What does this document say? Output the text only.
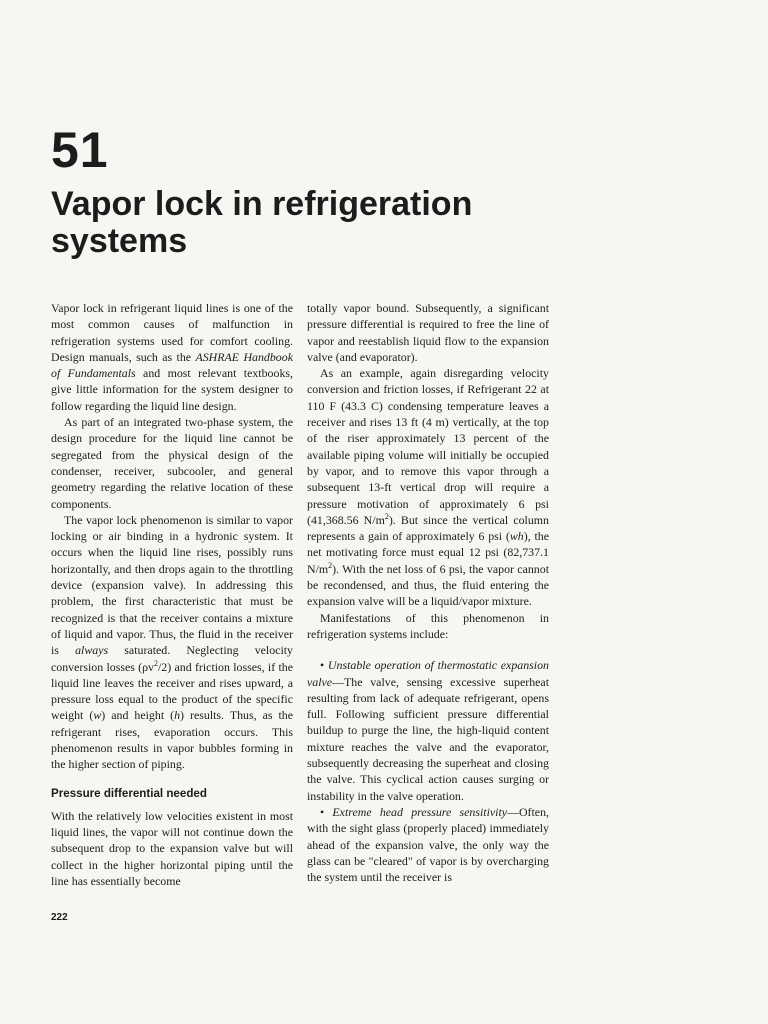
51
Vapor lock in refrigeration systems

Vapor lock in refrigerant liquid lines is one of the most common causes of malfunction in refrigeration systems used for comfort cooling. Design manuals, such as the ASHRAE Handbook of Fundamentals and most relevant textbooks, give little information for the system designer to follow regarding the liquid line design.

As part of an integrated two-phase system, the design procedure for the liquid line cannot be segregated from the physical design of the condenser, receiver, subcooler, and general geometry regarding the relative location of these components.

The vapor lock phenomenon is similar to vapor locking or air binding in a hydronic system. It occurs when the liquid line rises, possibly runs horizontally, and then drops again to the throttling device (expansion valve). In addressing this problem, the first characteristic that must be recognized is that the receiver contains a mixture of liquid and vapor. Thus, the fluid in the receiver is always saturated. Neglecting velocity conversion losses $(\rho v^2/2)$ and friction losses, if the liquid line leaves the receiver and rises upward, a pressure loss equal to the product of the specific weight (w) and height (h) results. Thus, as the refrigerant rises, evaporation occurs. This phenomenon results in vapor bubbles forming in the higher section of piping.

Pressure differential needed

With the relatively low velocities existent in most liquid lines, the vapor will not continue down the subsequent drop to the expansion valve but will collect in the higher horizontal piping until the line has essentially become

totally vapor bound. Subsequently, a significant pressure differential is required to free the line of vapor and reestablish liquid flow to the expansion valve (and evaporator).

As an example, again disregarding velocity conversion and friction losses, if Refrigerant 22 at 110 F (43.3 C) condensing temperature leaves a receiver and rises 13 ft (4 m) vertically, at the top of the riser approximately 13 percent of the available piping volume will initially be occupied by vapor, and to remove this vapor through a subsequent 13-ft vertical drop will require a pressure motivation of approximately 6 psi (41,368.56 $N/m^2$). But since the vertical column represents a gain of approximately 6 psi (wh), the net motivating force must equal 12 psi (82,737.1 $N/m^2$). With the net loss of 6 psi, the vapor cannot be recondensed, and thus, the fluid entering the expansion valve will be a liquid/vapor mixture.

Manifestations of this phenomenon in refrigeration systems include:

• Unstable operation of thermostatic expansion valve—The valve, sensing excessive superheat resulting from lack of adequate refrigerant, opens full. Following sufficient pressure differential buildup to purge the line, the high-liquid content mixture reaches the valve and the evaporator, subsequently decreasing the superheat and closing the valve. This cyclical action causes surging or instability in the valve operation.

• Extreme head pressure sensitivity—Often, with the sight glass (properly placed) immediately ahead of the expansion valve, the only way the glass can be "cleared" of vapor is by overcharging the system until the receiver is

222
